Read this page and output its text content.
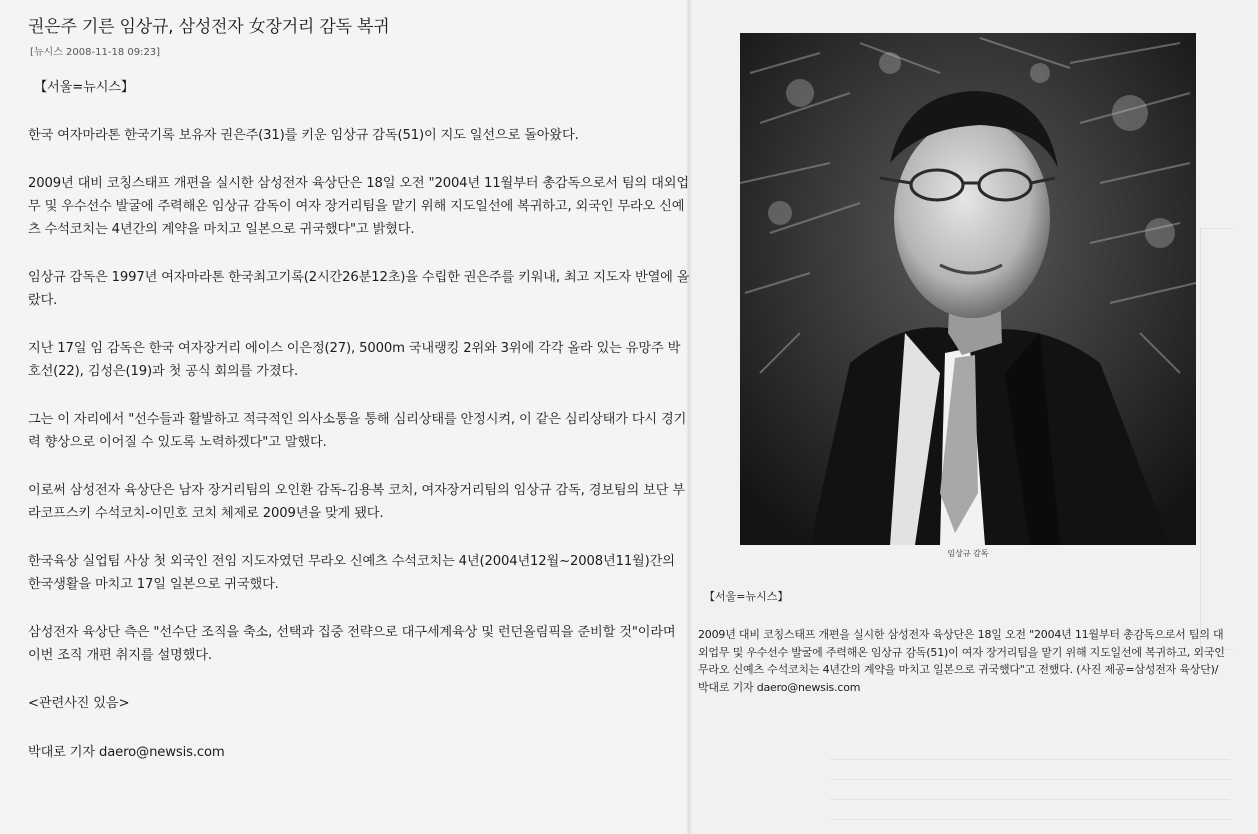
권은주 기른 임상규, 삼성전자 女장거리 감독 복귀
[뉴시스 2008-11-18 09:23]

【서울=뉴시스】

한국 여자마라톤 한국기록 보유자 권은주(31)를 키운 임상규 감독(51)이 지도 일선으로 돌아왔다.

2009년 대비 코칭스태프 개편을 실시한 삼성전자 육상단은 18일 오전 "2004년 11월부터 총감독으로서 팀의 대외업무 및 우수선수 발굴에 주력해온 임상규 감독이 여자 장거리팀을 맡기 위해 지도일선에 복귀하고, 외국인 무라오 신예츠 수석코치는 4년간의 계약을 마치고 일본으로 귀국했다"고 밝혔다.

임상규 감독은 1997년 여자마라톤 한국최고기록(2시간26분12초)을 수립한 권은주를 키워내, 최고 지도자 반열에 올랐다.

지난 17일 임 감독은 한국 여자장거리 에이스 이은정(27), 5000m 국내랭킹 2위와 3위에 각각 올라 있는 유망주 박호선(22), 김성은(19)과 첫 공식 회의를 가졌다.

그는 이 자리에서 "선수들과 활발하고 적극적인 의사소통을 통해 심리상태를 안정시켜, 이 같은 심리상태가 다시 경기력 향상으로 이어질 수 있도록 노력하겠다"고 말했다.

이로써 삼성전자 육상단은 남자 장거리팀의 오인환 감독-김용복 코치, 여자장거리팀의 임상규 감독, 경보팀의 보단 부라코프스키 수석코치-이민호 코치 체제로 2009년을 맞게 됐다.

한국육상 실업팀 사상 첫 외국인 전임 지도자였던 무라오 신예츠 수석코치는 4년(2004년12월~2008년11월)간의 한국생활을 마치고 17일 일본으로 귀국했다.

삼성전자 육상단 측은 "선수단 조직을 축소, 선택과 집중 전략으로 대구세계육상 및 런던올림픽을 준비할 것"이라며 이번 조직 개편 취지를 설명했다.

<관련사진 있음>

박대로 기자 daero@newsis.com

임상규 감독
【서울=뉴시스】
2009년 대비 코칭스태프 개편을 실시한 삼성전자 육상단은 18일 오전 "2004년 11월부터 총감독으로서 팀의 대외업무 및 우수선수 발굴에 주력해온 임상규 감독(51)이 여자 장거리팀을 맡기 위해 지도일선에 복귀하고, 외국인 무라오 신예츠 수석코치는 4년간의 계약을 마치고 일본으로 귀국했다"고 전했다. (사진 제공=삼성전자 육상단)/박대로 기자 daero@newsis.com
